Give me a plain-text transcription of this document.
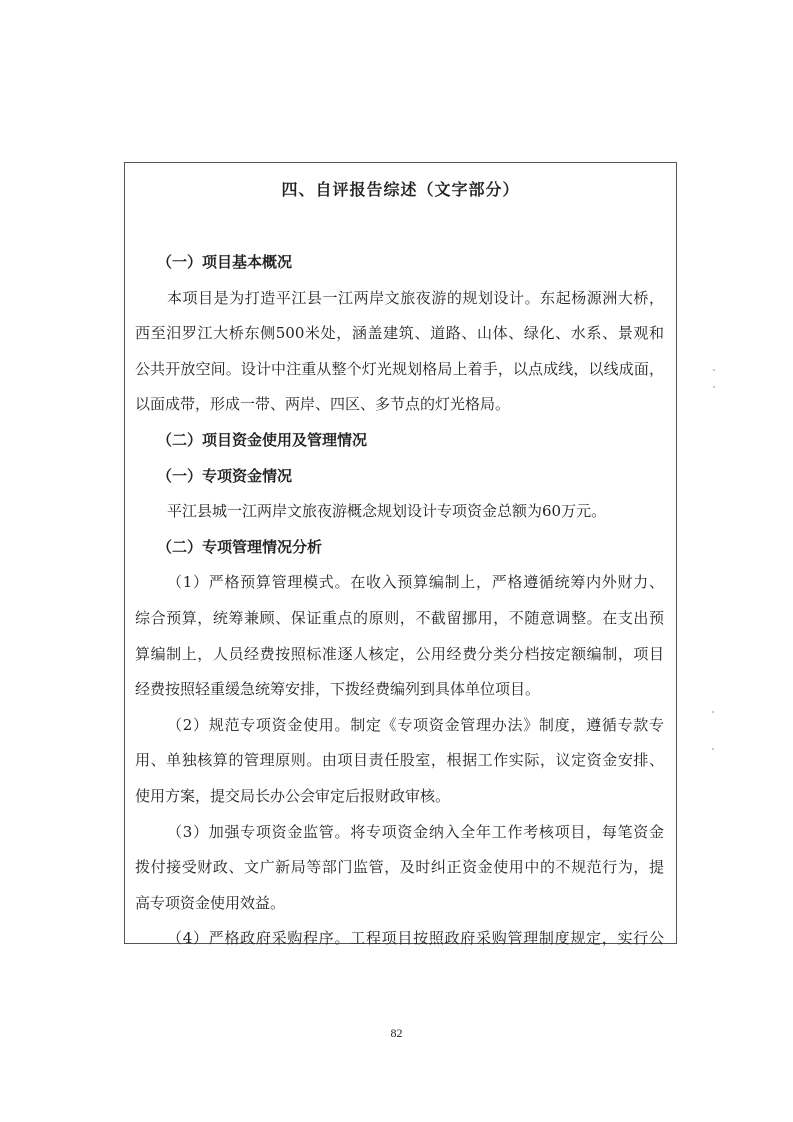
四、自评报告综述（文字部分）
（一）项目基本概况
本项目是为打造平江县一江两岸文旅夜游的规划设计。东起杨源洲大桥，
西至汨罗江大桥东侧500米处，涵盖建筑、道路、山体、绿化、水系、景观和
公共开放空间。设计中注重从整个灯光规划格局上着手，以点成线，以线成面，
以面成带，形成一带、两岸、四区、多节点的灯光格局。
（二）项目资金使用及管理情况
（一）专项资金情况
平江县城一江两岸文旅夜游概念规划设计专项资金总额为60万元。
（二）专项管理情况分析
（1）严格预算管理模式。在收入预算编制上，严格遵循统筹内外财力、
综合预算，统筹兼顾、保证重点的原则，不截留挪用，不随意调整。在支出预
算编制上，人员经费按照标准逐人核定，公用经费分类分档按定额编制，项目
经费按照轻重缓急统筹安排，下拨经费编列到具体单位项目。
（2）规范专项资金使用。制定《专项资金管理办法》制度，遵循专款专
用、单独核算的管理原则。由项目责任股室，根据工作实际，议定资金安排、
使用方案，提交局长办公会审定后报财政审核。
（3）加强专项资金监管。将专项资金纳入全年工作考核项目，每笔资金
拨付接受财政、文广新局等部门监管，及时纠正资金使用中的不规范行为，提
高专项资金使用效益。
（4）严格政府采购程序。工程项目按照政府采购管理制度规定，实行公
82
